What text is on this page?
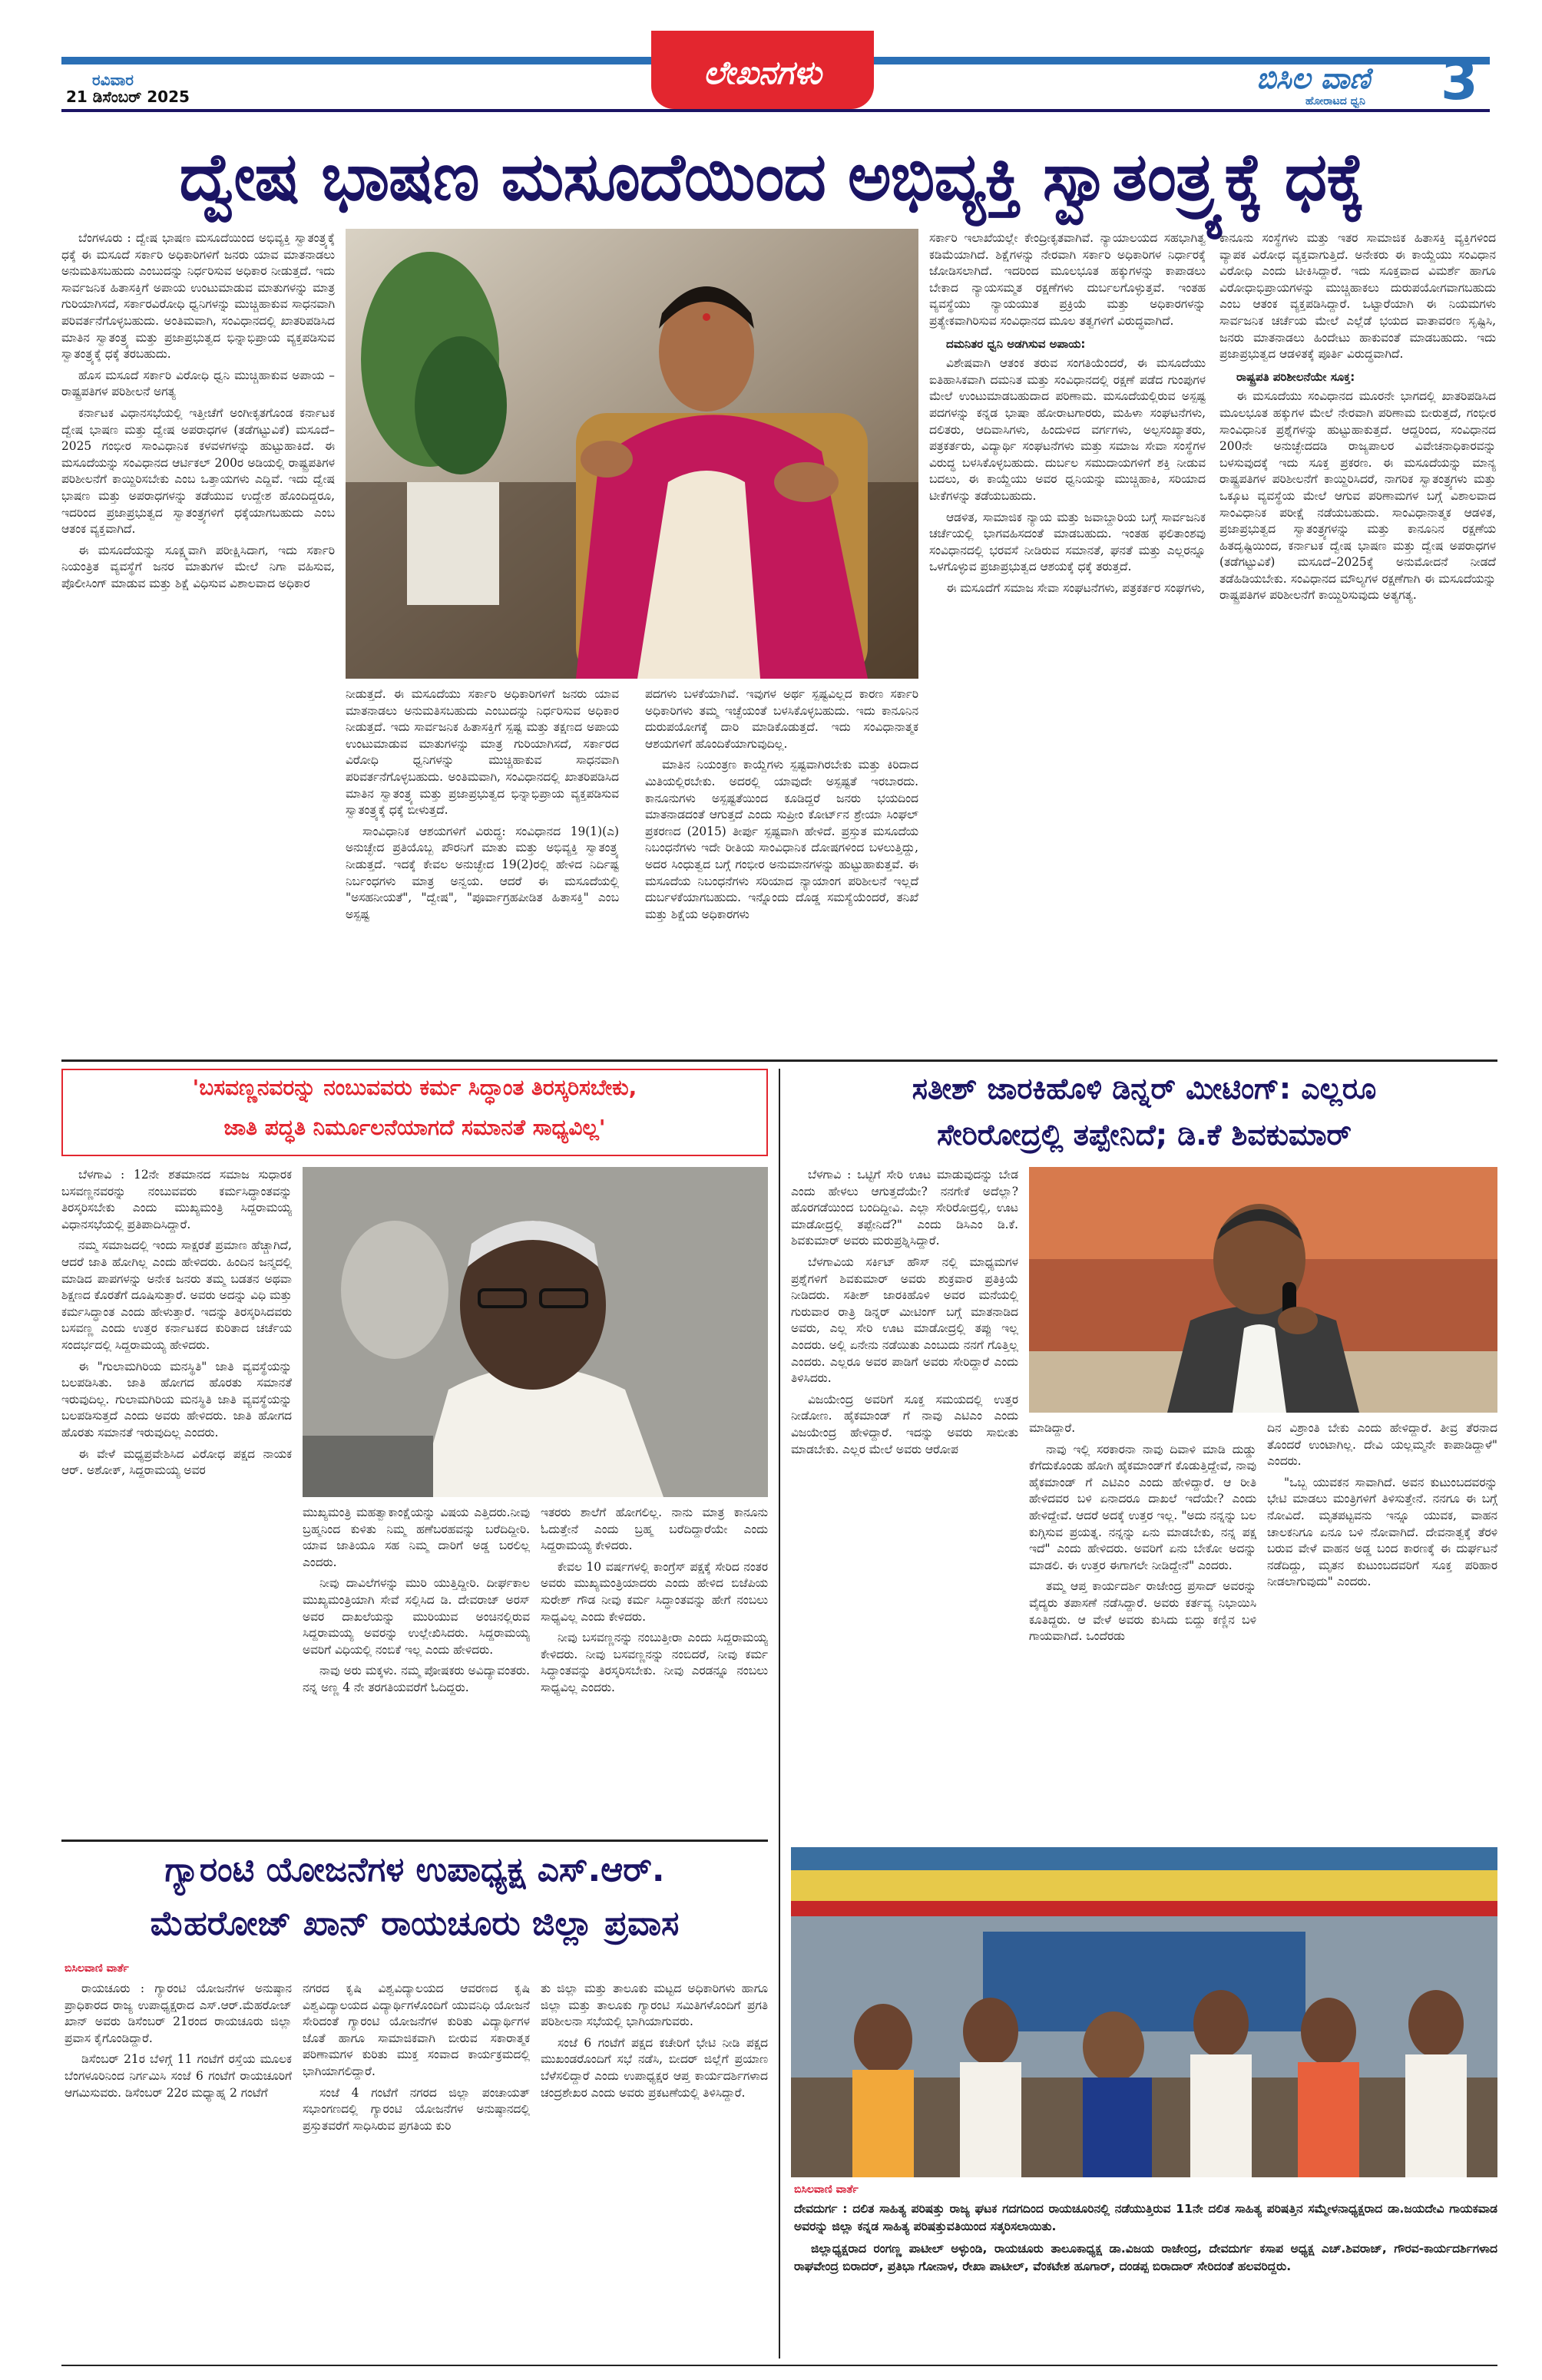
ರವಿವಾರ
21 ಡಿಸೆಂಬರ್ 2025
ಲೇಖನಗಳು	ಬಿಸಿಲ ವಾಣಿ
ಹೋರಾಟದ ಧ್ವನಿ 3
ದ್ವೇಷ ಭಾಷಣ ಮಸೂದೆಯಿಂದ ಅಭಿವ್ಯಕ್ತಿ ಸ್ವಾತಂತ್ರ್ಯಕ್ಕೆ ಧಕ್ಕೆ

ಬೆಂಗಳೂರು : ದ್ವೇಷ ಭಾಷಣ ಮಸೂದೆಯಿಂದ ಅಭಿವ್ಯಕ್ತಿ ಸ್ವಾತಂತ್ರ್ಯಕ್ಕೆ ಧಕ್ಕೆ ಈ ಮಸೂದೆ ಸರ್ಕಾರಿ ಅಧಿಕಾರಿಗಳಿಗೆ ಜನರು ಯಾವ ಮಾತನಾಡಲು ಅನುಮತಿಸಬಹುದು ಎಂಬುದನ್ನು ನಿರ್ಧರಿಸುವ ಅಧಿಕಾರ ನೀಡುತ್ತದೆ. ಇದು ಸಾರ್ವಜನಿಕ ಹಿತಾಸಕ್ತಿಗೆ ಅಪಾಯ ಉಂಟುಮಾಡುವ ಮಾತುಗಳನ್ನು ಮಾತ್ರ ಗುರಿಯಾಗಿಸದೆ, ಸರ್ಕಾರವಿರೋಧಿ ಧ್ವನಿಗಳನ್ನು ಮುಚ್ಚಿಹಾಕುವ ಸಾಧನವಾಗಿ ಪರಿವರ್ತನೆಗೊಳ್ಳಬಹುದು. ಅಂತಿಮವಾಗಿ, ಸಂವಿಧಾನದಲ್ಲಿ ಖಾತರಿಪಡಿಸಿದ ಮಾತಿನ ಸ್ವಾತಂತ್ರ್ಯ ಮತ್ತು ಪ್ರಜಾಪ್ರಭುತ್ವದ ಭಿನ್ನಾಭಿಪ್ರಾಯ ವ್ಯಕ್ತಪಡಿಸುವ ಸ್ವಾತಂತ್ರ್ಯಕ್ಕೆ ಧಕ್ಕೆ ತರಬಹುದು.

ಹೊಸ ಮಸೂದೆ ಸರ್ಕಾರಿ ವಿರೋಧಿ ಧ್ವನಿ ಮುಚ್ಚಿಹಾಕುವ ಅಪಾಯ – ರಾಷ್ಟ್ರಪತಿಗಳ ಪರಿಶೀಲನೆ ಅಗತ್ಯ

ಕರ್ನಾಟಕ ವಿಧಾನಸಭೆಯಲ್ಲಿ ಇತ್ತೀಚೆಗೆ ಅಂಗೀಕೃತಗೊಂಡ ಕರ್ನಾಟಕ ದ್ವೇಷ ಭಾಷಣ ಮತ್ತು ದ್ವೇಷ ಅಪರಾಧಗಳ (ತಡೆಗಟ್ಟುವಿಕೆ) ಮಸೂದೆ–2025 ಗಂಭೀರ ಸಾಂವಿಧಾನಿಕ ಕಳವಳಗಳನ್ನು ಹುಟ್ಟುಹಾಕಿದೆ. ಈ ಮಸೂದೆಯನ್ನು ಸಂವಿಧಾನದ ಆರ್ಟಿಕಲ್ 200ರ ಅಡಿಯಲ್ಲಿ ರಾಷ್ಟ್ರಪತಿಗಳ ಪರಿಶೀಲನೆಗೆ ಕಾಯ್ದಿರಿಸಬೇಕು ಎಂಬ ಒತ್ತಾಯಗಳು ಎದ್ದಿವೆ. ಇದು ದ್ವೇಷ ಭಾಷಣ ಮತ್ತು ಅಪರಾಧಗಳನ್ನು ತಡೆಯುವ ಉದ್ದೇಶ ಹೊಂದಿದ್ದರೂ, ಇದರಿಂದ ಪ್ರಜಾಪ್ರಭುತ್ವದ ಸ್ವಾತಂತ್ರ್ಯಗಳಿಗೆ ಧಕ್ಕೆಯಾಗಬಹುದು ಎಂಬ ಆತಂಕ ವ್ಯಕ್ತವಾಗಿದೆ.

ಈ ಮಸೂದೆಯನ್ನು ಸೂಕ್ಷ್ಮವಾಗಿ ಪರೀಕ್ಷಿಸಿದಾಗ, ಇದು ಸರ್ಕಾರಿ ನಿಯಂತ್ರಿತ ವ್ಯವಸ್ಥೆಗೆ ಜನರ ಮಾತುಗಳ ಮೇಲೆ ನಿಗಾ ವಹಿಸುವ, ಪೊಲೀಸಿಂಗ್ ಮಾಡುವ ಮತ್ತು ಶಿಕ್ಷೆ ವಿಧಿಸುವ ವಿಶಾಲವಾದ ಅಧಿಕಾರ

ನೀಡುತ್ತದೆ. ಈ ಮಸೂದೆಯು ಸರ್ಕಾರಿ ಅಧಿಕಾರಿಗಳಿಗೆ ಜನರು ಯಾವ ಮಾತನಾಡಲು ಅನುಮತಿಸಬಹುದು ಎಂಬುದನ್ನು ನಿರ್ಧರಿಸುವ ಅಧಿಕಾರ ನೀಡುತ್ತದೆ. ಇದು ಸಾರ್ವಜನಿಕ ಹಿತಾಸಕ್ತಿಗೆ ಸ್ಪಷ್ಟ ಮತ್ತು ತಕ್ಷಣದ ಅಪಾಯ ಉಂಟುಮಾಡುವ ಮಾತುಗಳನ್ನು ಮಾತ್ರ ಗುರಿಯಾಗಿಸದೆ, ಸರ್ಕಾರದ ವಿರೋಧಿ ಧ್ವನಿಗಳನ್ನು ಮುಚ್ಚಿಹಾಕುವ ಸಾಧನವಾಗಿ ಪರಿವರ್ತನೆಗೊಳ್ಳಬಹುದು. ಅಂತಿಮವಾಗಿ, ಸಂವಿಧಾನದಲ್ಲಿ ಖಾತರಿಪಡಿಸಿದ ಮಾತಿನ ಸ್ವಾತಂತ್ರ್ಯ ಮತ್ತು ಪ್ರಜಾಪ್ರಭುತ್ವದ ಭಿನ್ನಾಭಿಪ್ರಾಯ ವ್ಯಕ್ತಪಡಿಸುವ ಸ್ವಾತಂತ್ರ್ಯಕ್ಕೆ ಧಕ್ಕೆ ಬೀಳುತ್ತದೆ.

ಸಾಂವಿಧಾನಿಕ ಆಶಯಗಳಿಗೆ ವಿರುದ್ಧ: ಸಂವಿಧಾನದ 19(1)(ಎ) ಅನುಚ್ಛೇದ ಪ್ರತಿಯೊಬ್ಬ ಪೌರನಿಗೆ ಮಾತು ಮತ್ತು ಅಭಿವ್ಯಕ್ತಿ ಸ್ವಾತಂತ್ರ್ಯ ನೀಡುತ್ತದೆ. ಇದಕ್ಕೆ ಕೇವಲ ಅನುಚ್ಛೇದ 19(2)ರಲ್ಲಿ ಹೇಳಿದ ನಿರ್ದಿಷ್ಟ ನಿರ್ಬಂಧಗಳು ಮಾತ್ರ ಅನ್ವಯ. ಆದರೆ ಈ ಮಸೂದೆಯಲ್ಲಿ "ಅಸಹನೀಯತೆ", "ದ್ವೇಷ", "ಪೂರ್ವಾಗ್ರಹಪೀಡಿತ ಹಿತಾಸಕ್ತಿ" ಎಂಬ ಅಸ್ಪಷ್ಟ

ಪದಗಳು ಬಳಕೆಯಾಗಿವೆ. ಇವುಗಳ ಅರ್ಥ ಸ್ಪಷ್ಟವಿಲ್ಲದ ಕಾರಣ ಸರ್ಕಾರಿ ಅಧಿಕಾರಿಗಳು ತಮ್ಮ ಇಚ್ಛೆಯಂತೆ ಬಳಸಿಕೊಳ್ಳಬಹುದು. ಇದು ಕಾನೂನಿನ ದುರುಪಯೋಗಕ್ಕೆ ದಾರಿ ಮಾಡಿಕೊಡುತ್ತದೆ. ಇದು ಸಂವಿಧಾನಾತ್ಮಕ ಆಶಯಗಳಿಗೆ ಹೊಂದಿಕೆಯಾಗುವುದಿಲ್ಲ.

ಮಾತಿನ ನಿಯಂತ್ರಣ ಕಾಯ್ದೆಗಳು ಸ್ಪಷ್ಟವಾಗಿರಬೇಕು ಮತ್ತು ಕಿರಿದಾದ ಮಿತಿಯಲ್ಲಿರಬೇಕು. ಅದರಲ್ಲಿ ಯಾವುದೇ ಅಸ್ಪಷ್ಟತೆ ಇರಬಾರದು. ಕಾನೂನುಗಳು ಅಸ್ಪಷ್ಟತೆಯಿಂದ ಕೂಡಿದ್ದರೆ ಜನರು ಭಯದಿಂದ ಮಾತನಾಡದಂತೆ ಆಗುತ್ತದೆ ಎಂದು ಸುಪ್ರೀಂ ಕೋರ್ಟ್‌ನ ಶ್ರೇಯಾ ಸಿಂಘಲ್ ಪ್ರಕರಣದ (2015) ತೀರ್ಪು ಸ್ಪಷ್ಟವಾಗಿ ಹೇಳಿದೆ. ಪ್ರಸ್ತುತ ಮಸೂದೆಯ ನಿಬಂಧನೆಗಳು ಇದೇ ರೀತಿಯ ಸಾಂವಿಧಾನಿಕ ದೋಷಗಳಿಂದ ಬಳಲುತ್ತಿದ್ದು, ಅದರ ಸಿಂಧುತ್ವದ ಬಗ್ಗೆ ಗಂಭೀರ ಅನುಮಾನಗಳನ್ನು ಹುಟ್ಟುಹಾಕುತ್ತವೆ. ಈ ಮಸೂದೆಯ ನಿಬಂಧನೆಗಳು ಸರಿಯಾದ ನ್ಯಾಯಾಂಗ ಪರಿಶೀಲನೆ ಇಲ್ಲದೆ ದುರ್ಬಳಕೆಯಾಗಬಹುದು. ಇನ್ನೊಂದು ದೊಡ್ಡ ಸಮಸ್ಯೆಯೆಂದರೆ, ತನಿಖೆ ಮತ್ತು ಶಿಕ್ಷೆಯ ಅಧಿಕಾರಗಳು

ಸರ್ಕಾರಿ ಇಲಾಖೆಯಲ್ಲೇ ಕೇಂದ್ರೀಕೃತವಾಗಿವೆ. ನ್ಯಾಯಾಲಯದ ಸಹಭಾಗಿತ್ವ ಕಡಿಮೆಯಾಗಿದೆ. ಶಿಕ್ಷೆಗಳನ್ನು ನೇರವಾಗಿ ಸರ್ಕಾರಿ ಅಧಿಕಾರಿಗಳ ನಿರ್ಧಾರಕ್ಕೆ ಜೋಡಿಸಲಾಗಿದೆ. ಇದರಿಂದ ಮೂಲಭೂತ ಹಕ್ಕುಗಳನ್ನು ಕಾಪಾಡಲು ಬೇಕಾದ ನ್ಯಾಯಸಮ್ಮತ ರಕ್ಷಣೆಗಳು ದುರ್ಬಲಗೊಳ್ಳುತ್ತವೆ. ಇಂತಹ ವ್ಯವಸ್ಥೆಯು ನ್ಯಾಯಯುತ ಪ್ರಕ್ರಿಯೆ ಮತ್ತು ಅಧಿಕಾರಗಳನ್ನು ಪ್ರತ್ಯೇಕವಾಗಿರಿಸುವ ಸಂವಿಧಾನದ ಮೂಲ ತತ್ವಗಳಿಗೆ ವಿರುದ್ಧವಾಗಿದೆ.

ದಮನಿತರ ಧ್ವನಿ ಅಡಗಿಸುವ ಅಪಾಯ:

ವಿಶೇಷವಾಗಿ ಆತಂಕ ತರುವ ಸಂಗತಿಯೆಂದರೆ, ಈ ಮಸೂದೆಯು ಐತಿಹಾಸಿಕವಾಗಿ ದಮನಿತ ಮತ್ತು ಸಂವಿಧಾನದಲ್ಲಿ ರಕ್ಷಣೆ ಪಡೆದ ಗುಂಪುಗಳ ಮೇಲೆ ಉಂಟುಮಾಡಬಹುದಾದ ಪರಿಣಾಮ. ಮಸೂದೆಯಲ್ಲಿರುವ ಅಸ್ಪಷ್ಟ ಪದಗಳನ್ನು ಕನ್ನಡ ಭಾಷಾ ಹೋರಾಟಗಾರರು, ಮಹಿಳಾ ಸಂಘಟನೆಗಳು, ದಲಿತರು, ಆದಿವಾಸಿಗಳು, ಹಿಂದುಳಿದ ವರ್ಗಗಳು, ಅಲ್ಪಸಂಖ್ಯಾತರು, ಪತ್ರಕರ್ತರು, ವಿದ್ಯಾರ್ಥಿ ಸಂಘಟನೆಗಳು ಮತ್ತು ಸಮಾಜ ಸೇವಾ ಸಂಸ್ಥೆಗಳ ವಿರುದ್ಧ ಬಳಸಿಕೊಳ್ಳಬಹುದು. ದುರ್ಬಲ ಸಮುದಾಯಗಳಿಗೆ ಶಕ್ತಿ ನೀಡುವ ಬದಲು, ಈ ಕಾಯ್ದೆಯು ಅವರ ಧ್ವನಿಯನ್ನು ಮುಚ್ಚಿಹಾಕಿ, ಸರಿಯಾದ ಟೀಕೆಗಳನ್ನು ತಡೆಯಬಹುದು.

ಆಡಳಿತ, ಸಾಮಾಜಿಕ ನ್ಯಾಯ ಮತ್ತು ಜವಾಬ್ದಾರಿಯ ಬಗ್ಗೆ ಸಾರ್ವಜನಿಕ ಚರ್ಚೆಯಲ್ಲಿ ಭಾಗವಹಿಸದಂತೆ ಮಾಡಬಹುದು. ಇಂತಹ ಫಲಿತಾಂಶವು ಸಂವಿಧಾನದಲ್ಲಿ ಭರವಸೆ ನೀಡಿರುವ ಸಮಾನತೆ, ಘನತೆ ಮತ್ತು ಎಲ್ಲರನ್ನೂ ಒಳಗೊಳ್ಳುವ ಪ್ರಜಾಪ್ರಭುತ್ವದ ಆಶಯಕ್ಕೆ ಧಕ್ಕೆ ತರುತ್ತದೆ.

ಈ ಮಸೂದೆಗೆ ಸಮಾಜ ಸೇವಾ ಸಂಘಟನೆಗಳು, ಪತ್ರಕರ್ತರ ಸಂಘಗಳು,

ಕಾನೂನು ಸಂಸ್ಥೆಗಳು ಮತ್ತು ಇತರ ಸಾಮಾಜಿಕ ಹಿತಾಸಕ್ತಿ ವ್ಯಕ್ತಿಗಳಿಂದ ವ್ಯಾಪಕ ವಿರೋಧ ವ್ಯಕ್ತವಾಗುತ್ತಿದೆ. ಅನೇಕರು ಈ ಕಾಯ್ದೆಯು ಸಂವಿಧಾನ ವಿರೋಧಿ ಎಂದು ಟೀಕಿಸಿದ್ದಾರೆ. ಇದು ಸೂಕ್ತವಾದ ವಿಮರ್ಶೆ ಹಾಗೂ ವಿರೋಧಾಭಿಪ್ರಾಯಗಳನ್ನು ಮುಚ್ಚಿಹಾಕಲು ದುರುಪಯೋಗವಾಗಬಹುದು ಎಂಬ ಆತಂಕ ವ್ಯಕ್ತಪಡಿಸಿದ್ದಾರೆ. ಒಟ್ಟಾರೆಯಾಗಿ ಈ ನಿಯಮಗಳು ಸಾರ್ವಜನಿಕ ಚರ್ಚೆಯ ಮೇಲೆ ಎಲ್ಲೆಡೆ ಭಯದ ವಾತಾವರಣ ಸೃಷ್ಟಿಸಿ, ಜನರು ಮಾತನಾಡಲು ಹಿಂದೇಟು ಹಾಕುವಂತೆ ಮಾಡಬಹುದು. ಇದು ಪ್ರಜಾಪ್ರಭುತ್ವದ ಆಡಳಿತಕ್ಕೆ ಪೂರ್ತಿ ವಿರುದ್ಧವಾಗಿದೆ.

ರಾಷ್ಟ್ರಪತಿ ಪರಿಶೀಲನೆಯೇ ಸೂಕ್ತ:

ಈ ಮಸೂದೆಯು ಸಂವಿಧಾನದ ಮೂರನೇ ಭಾಗದಲ್ಲಿ ಖಾತರಿಪಡಿಸಿದ ಮೂಲಭೂತ ಹಕ್ಕುಗಳ ಮೇಲೆ ನೇರವಾಗಿ ಪರಿಣಾಮ ಬೀರುತ್ತದೆ, ಗಂಭೀರ ಸಾಂವಿಧಾನಿಕ ಪ್ರಶ್ನೆಗಳನ್ನು ಹುಟ್ಟುಹಾಕುತ್ತದೆ. ಆದ್ದರಿಂದ, ಸಂವಿಧಾನದ 200ನೇ ಅನುಚ್ಛೇದದಡಿ ರಾಜ್ಯಪಾಲರ ವಿವೇಚನಾಧಿಕಾರವನ್ನು ಬಳಸುವುದಕ್ಕೆ ಇದು ಸೂಕ್ತ ಪ್ರಕರಣ. ಈ ಮಸೂದೆಯನ್ನು ಮಾನ್ಯ ರಾಷ್ಟ್ರಪತಿಗಳ ಪರಿಶೀಲನೆಗೆ ಕಾಯ್ದಿರಿಸಿದರೆ, ನಾಗರಿಕ ಸ್ವಾತಂತ್ರ್ಯಗಳು ಮತ್ತು ಒಕ್ಕೂಟ ವ್ಯವಸ್ಥೆಯ ಮೇಲೆ ಆಗುವ ಪರಿಣಾಮಗಳ ಬಗ್ಗೆ ವಿಶಾಲವಾದ ಸಾಂವಿಧಾನಿಕ ಪರೀಕ್ಷೆ ನಡೆಯಬಹುದು. ಸಾಂವಿಧಾನಾತ್ಮಕ ಆಡಳಿತ, ಪ್ರಜಾಪ್ರಭುತ್ವದ ಸ್ವಾತಂತ್ರ್ಯಗಳನ್ನು ಮತ್ತು ಕಾನೂನಿನ ರಕ್ಷಣೆಯ ಹಿತದೃಷ್ಟಿಯಿಂದ, ಕರ್ನಾಟಕ ದ್ವೇಷ ಭಾಷಣ ಮತ್ತು ದ್ವೇಷ ಅಪರಾಧಗಳ (ತಡೆಗಟ್ಟುವಿಕೆ) ಮಸೂದೆ–2025ಕ್ಕೆ ಅನುಮೋದನೆ ನೀಡದೆ ತಡೆಹಿಡಿಯಬೇಕು. ಸಂವಿಧಾನದ ಮೌಲ್ಯಗಳ ರಕ್ಷಣೆಗಾಗಿ ಈ ಮಸೂದೆಯನ್ನು ರಾಷ್ಟ್ರಪತಿಗಳ ಪರಿಶೀಲನೆಗೆ ಕಾಯ್ದಿರಿಸುವುದು ಅತ್ಯಗತ್ಯ.

'ಬಸವಣ್ಣನವರನ್ನು ನಂಬುವವರು ಕರ್ಮ ಸಿದ್ಧಾಂತ ತಿರಸ್ಕರಿಸಬೇಕು,
ಜಾತಿ ಪದ್ಧತಿ ನಿರ್ಮೂಲನೆಯಾಗದೆ ಸಮಾನತೆ ಸಾಧ್ಯವಿಲ್ಲ'

ಬೆಳಗಾವಿ : 12ನೇ ಶತಮಾನದ ಸಮಾಜ ಸುಧಾರಕ ಬಸವಣ್ಣನವರನ್ನು ನಂಬುವವರು ಕರ್ಮಸಿದ್ಧಾಂತವನ್ನು ತಿರಸ್ಕರಿಸಬೇಕು ಎಂದು ಮುಖ್ಯಮಂತ್ರಿ ಸಿದ್ದರಾಮಯ್ಯ ವಿಧಾನಸಭೆಯಲ್ಲಿ ಪ್ರತಿಪಾದಿಸಿದ್ದಾರೆ.

ನಮ್ಮ ಸಮಾಜದಲ್ಲಿ ಇಂದು ಸಾಕ್ಷರತೆ ಪ್ರಮಾಣ ಹೆಚ್ಚಾಗಿದೆ, ಆದರೆ ಜಾತಿ ಹೋಗಿಲ್ಲ ಎಂದು ಹೇಳಿದರು. ಹಿಂದಿನ ಜನ್ಮದಲ್ಲಿ ಮಾಡಿದ ಪಾಪಗಳನ್ನು ಅನೇಕ ಜನರು ತಮ್ಮ ಬಡತನ ಅಥವಾ ಶಿಕ್ಷಣದ ಕೊರತೆಗೆ ದೂಷಿಸುತ್ತಾರೆ. ಅವರು ಅದನ್ನು ವಿಧಿ ಮತ್ತು ಕರ್ಮಸಿದ್ಧಾಂತ ಎಂದು ಹೇಳುತ್ತಾರೆ. ಇದನ್ನು ತಿರಸ್ಕರಿಸಿದವರು ಬಸವಣ್ಣ ಎಂದು ಉತ್ತರ ಕರ್ನಾಟಕದ ಕುರಿತಾದ ಚರ್ಚೆಯ ಸಂದರ್ಭದಲ್ಲಿ ಸಿದ್ದರಾಮಯ್ಯ ಹೇಳಿದರು.

ಈ "ಗುಲಾಮಗಿರಿಯ ಮನಸ್ಥಿತಿ" ಜಾತಿ ವ್ಯವಸ್ಥೆಯನ್ನು ಬಲಪಡಿಸಿತು. ಜಾತಿ ಹೋಗದ ಹೊರತು ಸಮಾನತೆ ಇರುವುದಿಲ್ಲ. ಗುಲಾಮಗಿರಿಯ ಮನಸ್ಥಿತಿ ಜಾತಿ ವ್ಯವಸ್ಥೆಯನ್ನು ಬಲಪಡಿಸುತ್ತದೆ ಎಂದು ಅವರು ಹೇಳಿದರು. ಜಾತಿ ಹೋಗದ ಹೊರತು ಸಮಾನತೆ ಇರುವುದಿಲ್ಲ ಎಂದರು.

ಈ ವೇಳೆ ಮಧ್ಯಪ್ರವೇಶಿಸಿದ ವಿರೋಧ ಪಕ್ಷದ ನಾಯಕ ಆರ್. ಅಶೋಕ್, ಸಿದ್ದರಾಮಯ್ಯ ಅವರ

ಮುಖ್ಯಮಂತ್ರಿ ಮಹತ್ವಾಕಾಂಕ್ಷೆಯನ್ನು ವಿಷಯ ಎತ್ತಿದರು.ನೀವು ಬ್ರಹ್ಮನಿಂದ ಕುಳಿತು ನಿಮ್ಮ ಹಣೆಬರಹವನ್ನು ಬರೆದಿದ್ದೀರಿ. ಯಾವ ಜಾತಿಯೂ ಸಹ ನಿಮ್ಮ ದಾರಿಗೆ ಅಡ್ಡ ಬರಲಿಲ್ಲ ಎಂದರು.

ನೀವು ದಾವಿಲೆಗಳನ್ನು ಮುರಿ ಯುತ್ತಿದ್ದೀರಿ. ದೀರ್ಘಕಾಲ ಮುಖ್ಯಮಂತ್ರಿಯಾಗಿ ಸೇವೆ ಸಲ್ಲಿಸಿದ ಡಿ. ದೇವರಾಜ್ ಅರಸ್ ಅವರ ದಾಖಲೆಯನ್ನು ಮುರಿಯುವ ಅಂಚಿನಲ್ಲಿರುವ ಸಿದ್ದರಾಮಯ್ಯ ಅವರನ್ನು ಉಲ್ಲೇಖಿಸಿದರು. ಸಿದ್ದರಾಮಯ್ಯ ಅವರಿಗೆ ವಿಧಿಯಲ್ಲಿ ನಂಬಿಕೆ ಇಲ್ಲ ಎಂದು ಹೇಳಿದರು.

ನಾವು ಅರು ಮಕ್ಕಳು. ನಮ್ಮ ಪೋಷಕರು ಅವಿದ್ಯಾವಂತರು. ನನ್ನ ಅಣ್ಣ 4 ನೇ ತರಗತಿಯವರೆಗೆ ಓದಿದ್ದರು.

ಇತರರು ಶಾಲೆಗೆ ಹೋಗಲಿಲ್ಲ. ನಾನು ಮಾತ್ರ ಕಾನೂನು ಓದುತ್ತೇನೆ ಎಂದು ಬ್ರಹ್ಮ ಬರೆದಿದ್ದಾರೆಯೇ ಎಂದು ಸಿದ್ದರಾಮಯ್ಯ ಕೇಳಿದರು.

ಕೇವಲ 10 ವರ್ಷಗಳಲ್ಲಿ ಕಾಂಗ್ರೆಸ್ ಪಕ್ಷಕ್ಕೆ ಸೇರಿದ ನಂತರ ಅವರು ಮುಖ್ಯಮಂತ್ರಿಯಾದರು ಎಂದು ಹೇಳಿದ ಬಿಜೆಪಿಯ ಸುರೇಶ್ ಗೌಡ ನೀವು ಕರ್ಮ ಸಿದ್ಧಾಂತವನ್ನು ಹೇಗೆ ನಂಬಲು ಸಾಧ್ಯವಿಲ್ಲ ಎಂದು ಕೇಳಿದರು.

ನೀವು ಬಸವಣ್ಣನನ್ನು ನಂಬುತ್ತೀರಾ ಎಂದು ಸಿದ್ದರಾಮಯ್ಯ ಕೇಳಿದರು. ನೀವು ಬಸವಣ್ಣನನ್ನು ನಂಬಿದರೆ, ನೀವು ಕರ್ಮ ಸಿದ್ಧಾಂತವನ್ನು ತಿರಸ್ಕರಿಸಬೇಕು. ನೀವು ಎರಡನ್ನೂ ನಂಬಲು ಸಾಧ್ಯವಿಲ್ಲ ಎಂದರು.

ಸತೀಶ್ ಜಾರಕಿಹೊಳಿ ಡಿನ್ನರ್ ಮೀಟಿಂಗ್: ಎಲ್ಲರೂ
ಸೇರಿರೋದ್ರಲ್ಲಿ ತಪ್ಪೇನಿದೆ; ಡಿ.ಕೆ ಶಿವಕುಮಾರ್

ಬೆಳಗಾವಿ : ಒಟ್ಟಿಗೆ ಸೇರಿ ಊಟ ಮಾಡುವುದನ್ನು ಬೇಡ ಎಂದು ಹೇಳಲು ಆಗುತ್ತದೆಯೇ? ನನಗೇಕೆ ಅದೆಲ್ಲಾ? ಹೊರಗಡೆಯಿಂದ ಬಂದಿದ್ದೀವಿ. ಎಲ್ಲಾ ಸೇರಿರೋದ್ರಲ್ಲಿ, ಊಟ ಮಾಡೋದ್ರಲ್ಲಿ ತಪ್ಪೇನಿದೆ?" ಎಂದು ಡಿಸಿಎಂ ಡಿ.ಕೆ. ಶಿವಕುಮಾರ್ ಅವರು ಮರುಪ್ರಶ್ನಿಸಿದ್ದಾರೆ.

ಬೆಳಗಾವಿಯ ಸರ್ಕಿಟ್ ಹೌಸ್ ನಲ್ಲಿ ಮಾಧ್ಯಮಗಳ ಪ್ರಶ್ನೆಗಳಿಗೆ ಶಿವಕುಮಾರ್ ಅವರು ಶುಕ್ರವಾರ ಪ್ರತಿಕ್ರಿಯೆ ನೀಡಿದರು. ಸತೀಶ್ ಜಾರಕಿಹೊಳಿ ಅವರ ಮನೆಯಲ್ಲಿ ಗುರುವಾರ ರಾತ್ರಿ ಡಿನ್ನರ್ ಮೀಟಿಂಗ್ ಬಗ್ಗೆ ಮಾತನಾಡಿದ ಅವರು, ಎಲ್ಲ ಸೇರಿ ಊಟ ಮಾಡೋದ್ರಲ್ಲಿ ತಪ್ಪು ಇಲ್ಲ ಎಂದರು. ಅಲ್ಲಿ ಏನೇನು ನಡೆಯಿತು ಎಂಬುದು ನನಗೆ ಗೊತ್ತಿಲ್ಲ ಎಂದರು. ಎಲ್ಲರೂ ಅವರ ಪಾಡಿಗೆ ಅವರು ಸೇರಿದ್ದಾರೆ ಎಂದು ತಿಳಿಸಿದರು.

ವಿಜಯೇಂದ್ರ ಅವರಿಗೆ ಸೂಕ್ತ ಸಮಯದಲ್ಲಿ ಉತ್ತರ ನೀಡೋಣ. ಹೈಕಮಾಂಡ್ ಗೆ ನಾವು ಎಟಿಎಂ ಎಂದು ವಿಜಯೇಂದ್ರ ಹೇಳಿದ್ದಾರೆ. ಇದನ್ನು ಅವರು ಸಾಬೀತು ಮಾಡಬೇಕು. ಎಲ್ಲರ ಮೇಲೆ ಅವರು ಆರೋಪ

ಮಾಡಿದ್ದಾರೆ.

ನಾವು ಇಲ್ಲಿ ಸರಕಾರನಾ ನಾವು ದಿವಾಳಿ ಮಾಡಿ ದುಡ್ಡು ಕೆಗೆದುಕೊಂಡು ಹೋಗಿ ಹೈಕಮಾಂಡ್‌ಗೆ ಕೊಡುತ್ತಿದ್ದೇವೆ, ನಾವು ಹೈಕಮಾಂಡ್ ಗೆ ಎಟಿಎಂ ಎಂದು ಹೇಳಿದ್ದಾರೆ. ಆ ರೀತಿ ಹೇಳಿದವರ ಬಳಿ ಏನಾದರೂ ದಾಖಲೆ ಇದೆಯೇ? ಎಂದು ಹೇಳಿದ್ದೇವೆ. ಆದರೆ ಅದಕ್ಕೆ ಉತ್ತರ ಇಲ್ಲ. "ಅದು ನನ್ನನ್ನು ಬಲ ಕುಗ್ಗಿಸುವ ಪ್ರಯತ್ನ. ನನ್ನನ್ನು ಏನು ಮಾಡಬೇಕು, ನನ್ನ ಪಕ್ಷ ಇದೆ" ಎಂದು ಹೇಳಿದರು. ಅವರಿಗೆ ಏನು ಬೇಕೋ ಅದನ್ನು ಮಾಡಲಿ. ಈ ಉತ್ತರ ಈಗಾಗಲೇ ನೀಡಿದ್ದೇನೆ" ಎಂದರು.

ತಮ್ಮ ಆಪ್ತ ಕಾರ್ಯದರ್ಶಿ ರಾಜೇಂದ್ರ ಪ್ರಸಾದ್ ಅವರನ್ನು ವೈದ್ಯರು ತಪಾಸಣೆ ನಡೆಸಿದ್ದಾರೆ. ಅವರು ಕರ್ತವ್ಯ ನಿಭಾಯಿಸಿ ಕೂತಿದ್ದರು. ಆ ವೇಳೆ ಅವರು ಕುಸಿದು ಬಿದ್ದು ಕಣ್ಣಿನ ಬಳಿ ಗಾಯವಾಗಿದೆ. ಒಂದೆರಡು

ದಿನ ವಿಶ್ರಾಂತಿ ಬೇಕು ಎಂದು ಹೇಳಿದ್ದಾರೆ. ತೀವ್ರ ತೆರನಾದ ತೊಂದರೆ ಉಂಟಾಗಿಲ್ಲ. ದೇವಿ ಯಲ್ಲಮ್ಮನೇ ಕಾಪಾಡಿದ್ದಾಳೆ" ಎಂದರು.

"ಒಬ್ಬ ಯುವಕನ ಸಾವಾಗಿದೆ. ಅವನ ಕುಟುಂಬದವರನ್ನು ಭೇಟಿ ಮಾಡಲು ಮಂತ್ರಿಗಳಿಗೆ ತಿಳಿಸುತ್ತೇನೆ. ನನಗೂ ಈ ಬಗ್ಗೆ ನೋವಿದೆ. ಮೃತಪಟ್ಟವನು ಇನ್ನೂ ಯುವಕ, ವಾಹನ ಚಾಲಕನಿಗೂ ಏನೂ ಬಳಿ ನೋವಾಗಿದೆ. ದೇವನಾತ್ವಕ್ಕೆ ತೆರಳಿ ಬರುವ ವೇಳೆ ವಾಹನ ಅಡ್ಡ ಬಂದ ಕಾರಣಕ್ಕೆ ಈ ದುರ್ಘಟನೆ ನಡೆದಿದ್ದು, ಮೃತನ ಕುಟುಂಬದವರಿಗೆ ಸೂಕ್ತ ಪರಿಹಾರ ನೀಡಲಾಗುವುದು" ಎಂದರು.

ಗ್ಯಾರಂಟಿ ಯೋಜನೆಗಳ ಉಪಾಧ್ಯಕ್ಷ ಎಸ್.ಆರ್.
ಮೆಹರೋಜ್ ಖಾನ್ ರಾಯಚೂರು ಜಿಲ್ಲಾ ಪ್ರವಾಸ
ಬಿಸಿಲವಾಣಿ ವಾರ್ತೆ

ರಾಯಚೂರು : ಗ್ಯಾರಂಟಿ ಯೋಜನೆಗಳ ಅನುಷ್ಠಾನ ಪ್ರಾಧಿಕಾರದ ರಾಜ್ಯ ಉಪಾಧ್ಯಕ್ಷರಾದ ಎಸ್.ಆರ್.ಮೆಹರೋಜ್ ಖಾನ್ ಅವರು ಡಿಸೆಂಬರ್ 21ರಂದ ರಾಯಚೂರು ಜಿಲ್ಲಾ ಪ್ರವಾಸ ಕೈಗೊಂಡಿದ್ದಾರೆ.

ಡಿಸೆಂಬರ್ 21ರ ಬೆಳಿಗ್ಗೆ 11 ಗಂಟೆಗೆ ರಸ್ತೆಯ ಮೂಲಕ ಬೆಂಗಳೂರಿನಿಂದ ನಿರ್ಗಮಿಸಿ ಸಂಜೆ 6 ಗಂಟೆಗೆ ರಾಯಚೂರಿಗೆ ಆಗಮಿಸುವರು. ಡಿಸೆಂಬರ್ 22ರ ಮಧ್ಯಾಹ್ನ 2 ಗಂಟೆಗೆ

ನಗರದ ಕೃಷಿ ವಿಶ್ವವಿದ್ಯಾಲಯದ ಆವರಣದ ಕೃಷಿ ವಿಶ್ವವಿದ್ಯಾಲಯದ ವಿದ್ಯಾರ್ಥಿಗಳೊಂದಿಗೆ ಯುವನಿಧಿ ಯೋಜನೆ ಸೇರಿದಂತೆ ಗ್ಯಾರಂಟಿ ಯೋಜನೆಗಳ ಕುರಿತು ವಿದ್ಯಾರ್ಥಿಗಳ ಜೊತೆ ಹಾಗೂ ಸಾಮಾಜಿಕವಾಗಿ ಬೀರುವ ಸಕಾರಾತ್ಮಕ ಪರಿಣಾಮಗಳ ಕುರಿತು ಮುಕ್ತ ಸಂವಾದ ಕಾರ್ಯಕ್ರಮದಲ್ಲಿ ಭಾಗಿಯಾಗಲಿದ್ದಾರೆ.

ಸಂಜೆ 4 ಗಂಟೆಗೆ ನಗರದ ಜಿಲ್ಲಾ ಪಂಚಾಯತ್ ಸಭಾಂಗಣದಲ್ಲಿ ಗ್ಯಾರಂಟಿ ಯೋಜನೆಗಳ ಅನುಷ್ಠಾನದಲ್ಲಿ ಪ್ರಸ್ತುತವರೆಗೆ ಸಾಧಿಸಿರುವ ಪ್ರಗತಿಯ ಕುರಿ

ತು ಜಿಲ್ಲಾ ಮತ್ತು ತಾಲೂಕು ಮಟ್ಟದ ಅಧಿಕಾರಿಗಳು ಹಾಗೂ ಜಿಲ್ಲಾ ಮತ್ತು ತಾಲೂಕು ಗ್ಯಾರಂಟಿ ಸಮಿತಿಗಳೊಂದಿಗೆ ಪ್ರಗತಿ ಪರಿಶೀಲನಾ ಸಭೆಯಲ್ಲಿ ಭಾಗಿಯಾಗುವರು.

ಸಂಜೆ 6 ಗಂಟೆಗೆ ಪಕ್ಷದ ಕಚೇರಿಗೆ ಭೇಟಿ ನೀಡಿ ಪಕ್ಷದ ಮುಖಂಡರೊಂದಿಗೆ ಸಭೆ ನಡೆಸಿ, ಬೀದರ್ ಜಿಲ್ಲೆಗೆ ಪ್ರಯಾಣ ಬೆಳೆಸಲಿದ್ದಾರೆ ಎಂದು ಉಪಾಧ್ಯಕ್ಷರ ಆಪ್ತ ಕಾರ್ಯದರ್ಶಿಗಳಾದ ಚಂದ್ರಶೇಖರ ಎಂದು ಅವರು ಪ್ರಕಟಣೆಯಲ್ಲಿ ತಿಳಿಸಿದ್ದಾರೆ.

ಬಿಸಿಲವಾಣಿ ವಾರ್ತೆ

ದೇವದುರ್ಗ : ದಲಿತ ಸಾಹಿತ್ಯ ಪರಿಷತ್ತು ರಾಜ್ಯ ಘಟಕ ಗದಗದಿಂದ ರಾಯಚೂರಿನಲ್ಲಿ ನಡೆಯುತ್ತಿರುವ 11ನೇ ದಲಿತ ಸಾಹಿತ್ಯ ಪರಿಷತ್ತಿನ ಸಮ್ಮೇಳನಾಧ್ಯಕ್ಷರಾದ ಡಾ.ಜಯದೇವಿ ಗಾಯಕವಾಡ ಅವರನ್ನು ಜಿಲ್ಲಾ ಕನ್ನಡ ಸಾಹಿತ್ಯ ಪರಿಷತ್ತುವತಿಯಿಂದ ಸತ್ಕರಿಸಲಾಯಿತು.

ಜಿಲ್ಲಾಧ್ಯಕ್ಷರಾದ ರಂಗಣ್ಣ ಪಾಟೀಲ್ ಅಳ್ಳುಂಡಿ, ರಾಯಚೂರು ತಾಲೂಕಾಧ್ಯಕ್ಷ ಡಾ.ವಿಜಯ ರಾಜೇಂದ್ರ, ದೇವದುರ್ಗ ಕಸಾಪ ಅಧ್ಯಕ್ಷ ಎಚ್.ಶಿವರಾಜ್, ಗೌರವ-ಕಾರ್ಯದರ್ಶಿಗಳಾದ ರಾಘವೇಂದ್ರ ಬಿರಾದರ್, ಪ್ರತಿಭಾ ಗೋನಾಳ, ರೇಖಾ ಪಾಟೀಲ್, ವೆಂಕಟೇಶ ಹೂಗಾರ್, ದಂಡಪ್ಪ ಬಿರಾದಾರ್ ಸೇರಿದಂತೆ ಹಲವರಿದ್ದರು.
